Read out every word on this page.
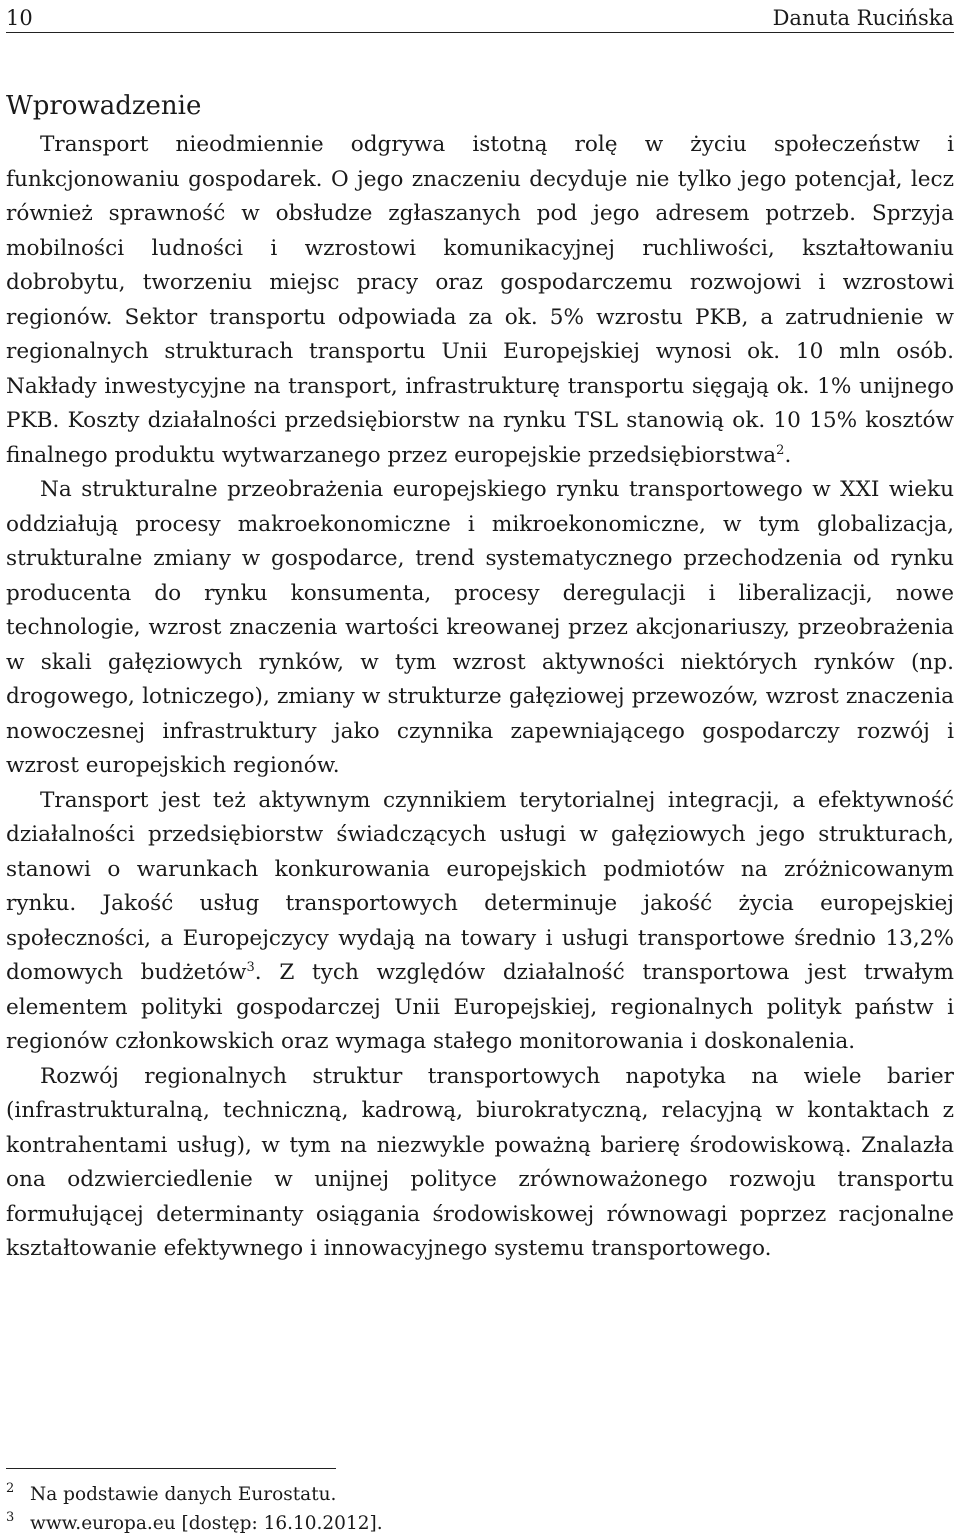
10	Danuta Rucińska
Wprowadzenie

Transport nieodmiennie odgrywa istotną rolę w życiu społeczeństw i funkcjonowaniu gospodarek. O jego znaczeniu decyduje nie tylko jego potencjał, lecz również sprawność w obsłudze zgłaszanych pod jego adresem potrzeb. Sprzyja mobilności ludności i wzrostowi komunikacyjnej ruchliwości, kształtowaniu dobrobytu, tworzeniu miejsc pracy oraz gospodarczemu rozwojowi i wzrostowi regionów. Sektor transportu odpowiada za ok. 5% wzrostu PKB, a zatrudnienie w regionalnych strukturach transportu Unii Europejskiej wynosi ok. 10 mln osób. Nakłady inwestycyjne na transport, infrastrukturę transportu sięgają ok. 1% unijnego PKB. Koszty działalności przedsiębiorstw na rynku TSL stanowią ok. 10 15% kosztów finalnego produktu wytwarzanego przez europejskie przedsiębiorstwa$^2$.

Na strukturalne przeobrażenia europejskiego rynku transportowego w XXI wieku oddziałują procesy makroekonomiczne i mikroekonomiczne, w tym globalizacja, strukturalne zmiany w gospodarce, trend systematycznego przechodzenia od rynku producenta do rynku konsumenta, procesy deregulacji i liberalizacji, nowe technologie, wzrost znaczenia wartości kreowanej przez akcjonariuszy, przeobrażenia w skali gałęziowych rynków, w tym wzrost aktywności niektórych rynków (np. drogowego, lotniczego), zmiany w strukturze gałęziowej przewozów, wzrost znaczenia nowoczesnej infrastruktury jako czynnika zapewniającego gospodarczy rozwój i wzrost europejskich regionów.

Transport jest też aktywnym czynnikiem terytorialnej integracji, a efektywność działalności przedsiębiorstw świadczących usługi w gałęziowych jego strukturach, stanowi o warunkach konkurowania europejskich podmiotów na zróżnicowanym rynku. Jakość usług transportowych determinuje jakość życia europejskiej społeczności, a Europejczycy wydają na towary i usługi transportowe średnio 13,2% domowych budżetów$^3$. Z tych względów działalność transportowa jest trwałym elementem polityki gospodarczej Unii Europejskiej, regionalnych polityk państw i regionów członkowskich oraz wymaga stałego monitorowania i doskonalenia.

Rozwój regionalnych struktur transportowych napotyka na wiele barier (infrastrukturalną, techniczną, kadrową, biurokratyczną, relacyjną w kontaktach z kontrahentami usług), w tym na niezwykle poważną barierę środowiskową. Znalazła ona odzwierciedlenie w unijnej polityce zrównoważonego rozwoju transportu formułującej determinanty osiągania środowiskowej równowagi poprzez racjonalne kształtowanie efektywnego i innowacyjnego systemu transportowego.

2 Na podstawie danych Eurostatu.
3 www.europa.eu [dostęp: 16.10.2012].
